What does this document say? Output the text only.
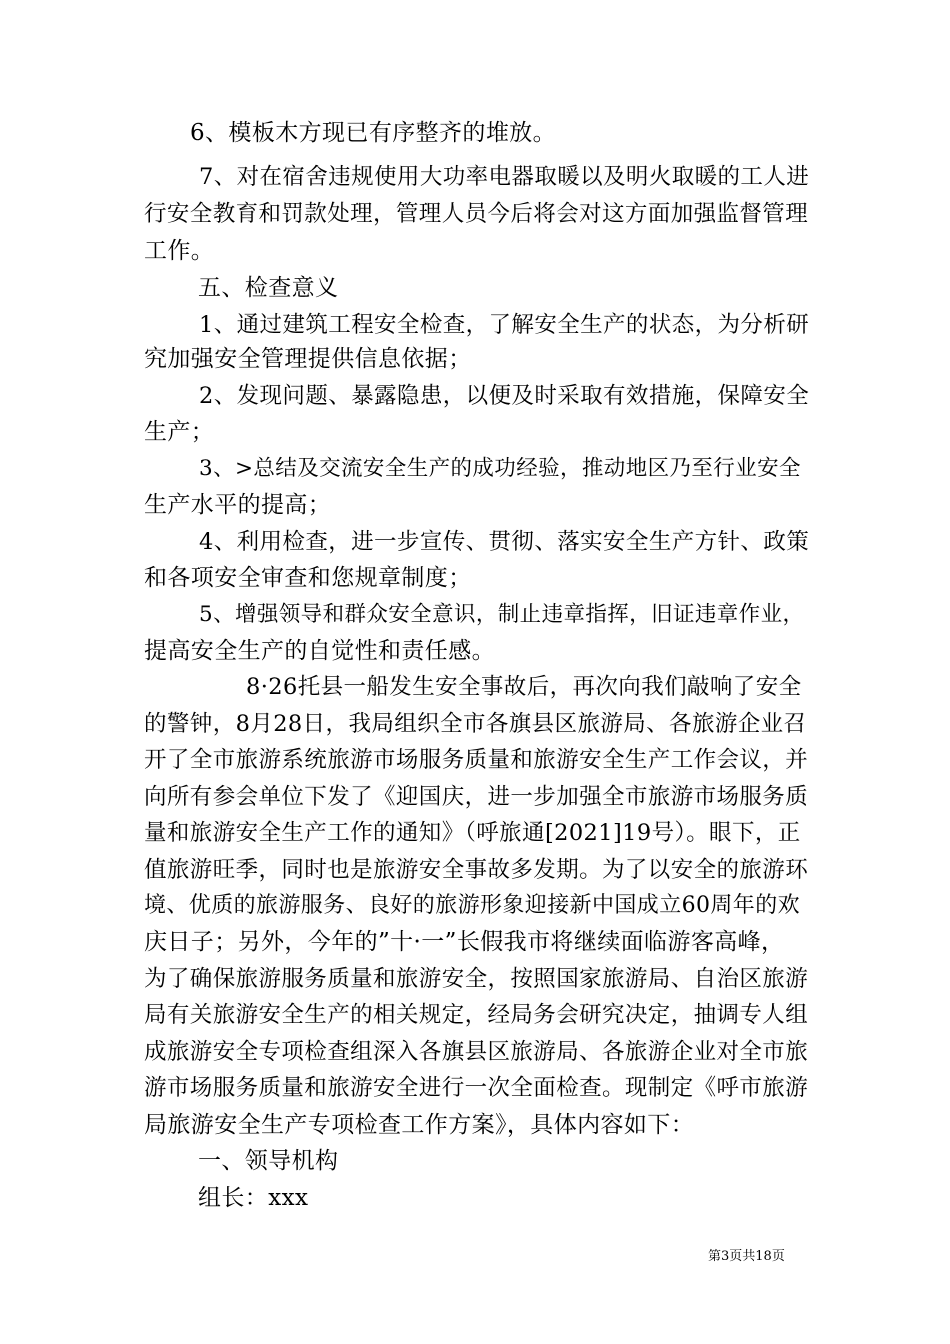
6、模板木方现已有序整齐的堆放。
7、对在宿舍违规使用大功率电器取暖以及明火取暖的工人进
行安全教育和罚款处理，管理人员今后将会对这方面加强监督管理
工作。
五、检查意义
1、通过建筑工程安全检查，了解安全生产的状态，为分析研
究加强安全管理提供信息依据；
2、发现问题、暴露隐患，以便及时采取有效措施，保障安全
生产；
3、>总结及交流安全生产的成功经验，推动地区乃至行业安全
生产水平的提高；
4、利用检查，进一步宣传、贯彻、落实安全生产方针、政策
和各项安全审查和您规章制度；
5、增强领导和群众安全意识，制止违章指挥，旧证违章作业，
提高安全生产的自觉性和责任感。
8·26托县一船发生安全事故后，再次向我们敲响了安全
的警钟，8月28日，我局组织全市各旗县区旅游局、各旅游企业召
开了全市旅游系统旅游市场服务质量和旅游安全生产工作会议，并
向所有参会单位下发了《迎国庆，进一步加强全市旅游市场服务质
量和旅游安全生产工作的通知》（呼旅通[2021]19号）。眼下，正
值旅游旺季，同时也是旅游安全事故多发期。为了以安全的旅游环
境、优质的旅游服务、良好的旅游形象迎接新中国成立60周年的欢
庆日子；另外，今年的”十·一”长假我市将继续面临游客高峰，
为了确保旅游服务质量和旅游安全，按照国家旅游局、自治区旅游
局有关旅游安全生产的相关规定，经局务会研究决定，抽调专人组
成旅游安全专项检查组深入各旗县区旅游局、各旅游企业对全市旅
游市场服务质量和旅游安全进行一次全面检查。现制定《呼市旅游
局旅游安全生产专项检查工作方案》，具体内容如下：
一、领导机构
组长：xxx
第3页共18页
